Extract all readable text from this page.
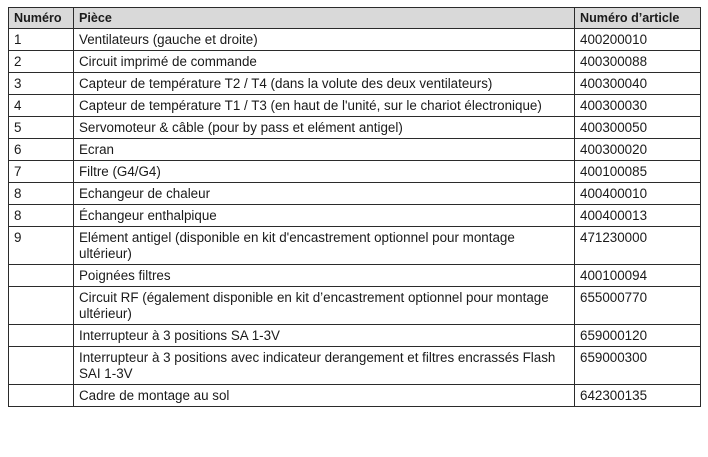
Numéro	Pièce	Numéro d’article
1	Ventilateurs (gauche et droite)	400200010
2	Circuit imprimé de commande	400300088
3	Capteur de température T2 / T4 (dans la volute des deux ventilateurs)	400300040
4	Capteur de température T1 / T3 (en haut de l'unité, sur le chariot électronique)	400300030
5	Servomoteur & câble (pour by pass et elément antigel)	400300050
6	Ecran	400300020
7	Filtre (G4/G4)	400100085
8	Echangeur de chaleur	400400010
8	Échangeur enthalpique	400400013
9	Elément antigel (disponible en kit d'encastrement optionnel pour montage ultérieur)	471230000
	Poignées filtres	400100094
	Circuit RF (également disponible en kit d’encastrement optionnel pour montage ultérieur)	655000770
	Interrupteur à 3 positions SA 1-3V	659000120
	Interrupteur à 3 positions avec indicateur derangement et filtres encrassés Flash SAI 1-3V	659000300
	Cadre de montage au sol	642300135
